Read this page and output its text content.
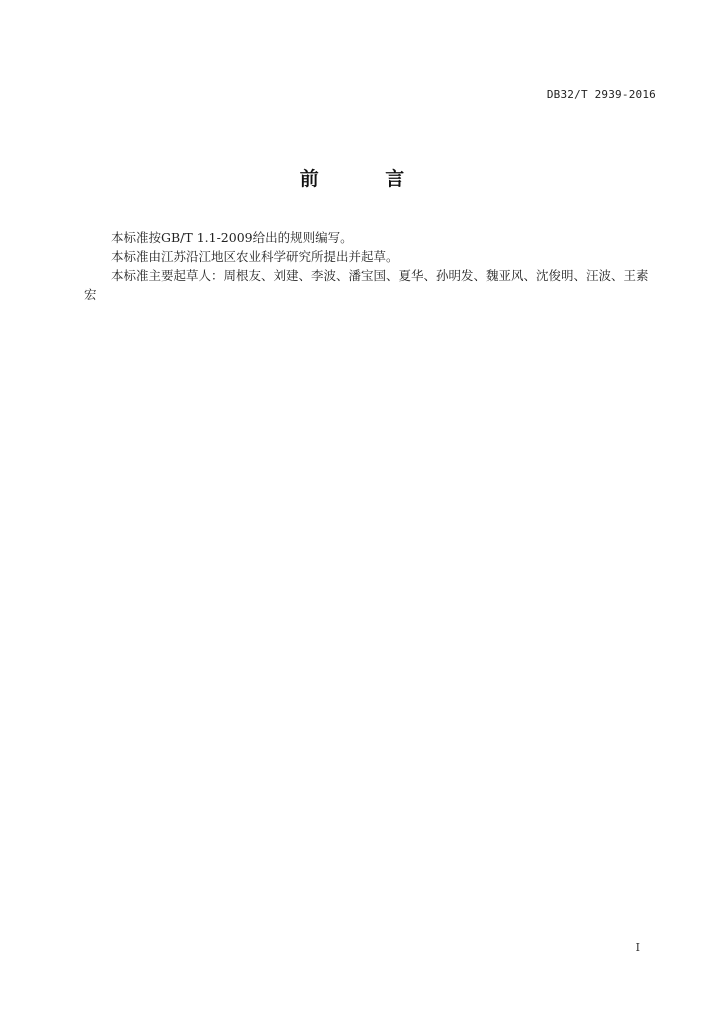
DB32/T 2939-2016
前 言

本标准按GB/T 1.1-2009给出的规则编写。

本标准由江苏沿江地区农业科学研究所提出并起草。

本标准主要起草人：周根友、刘建、李波、潘宝国、夏华、孙明发、魏亚风、沈俊明、汪波、王素宏

I
